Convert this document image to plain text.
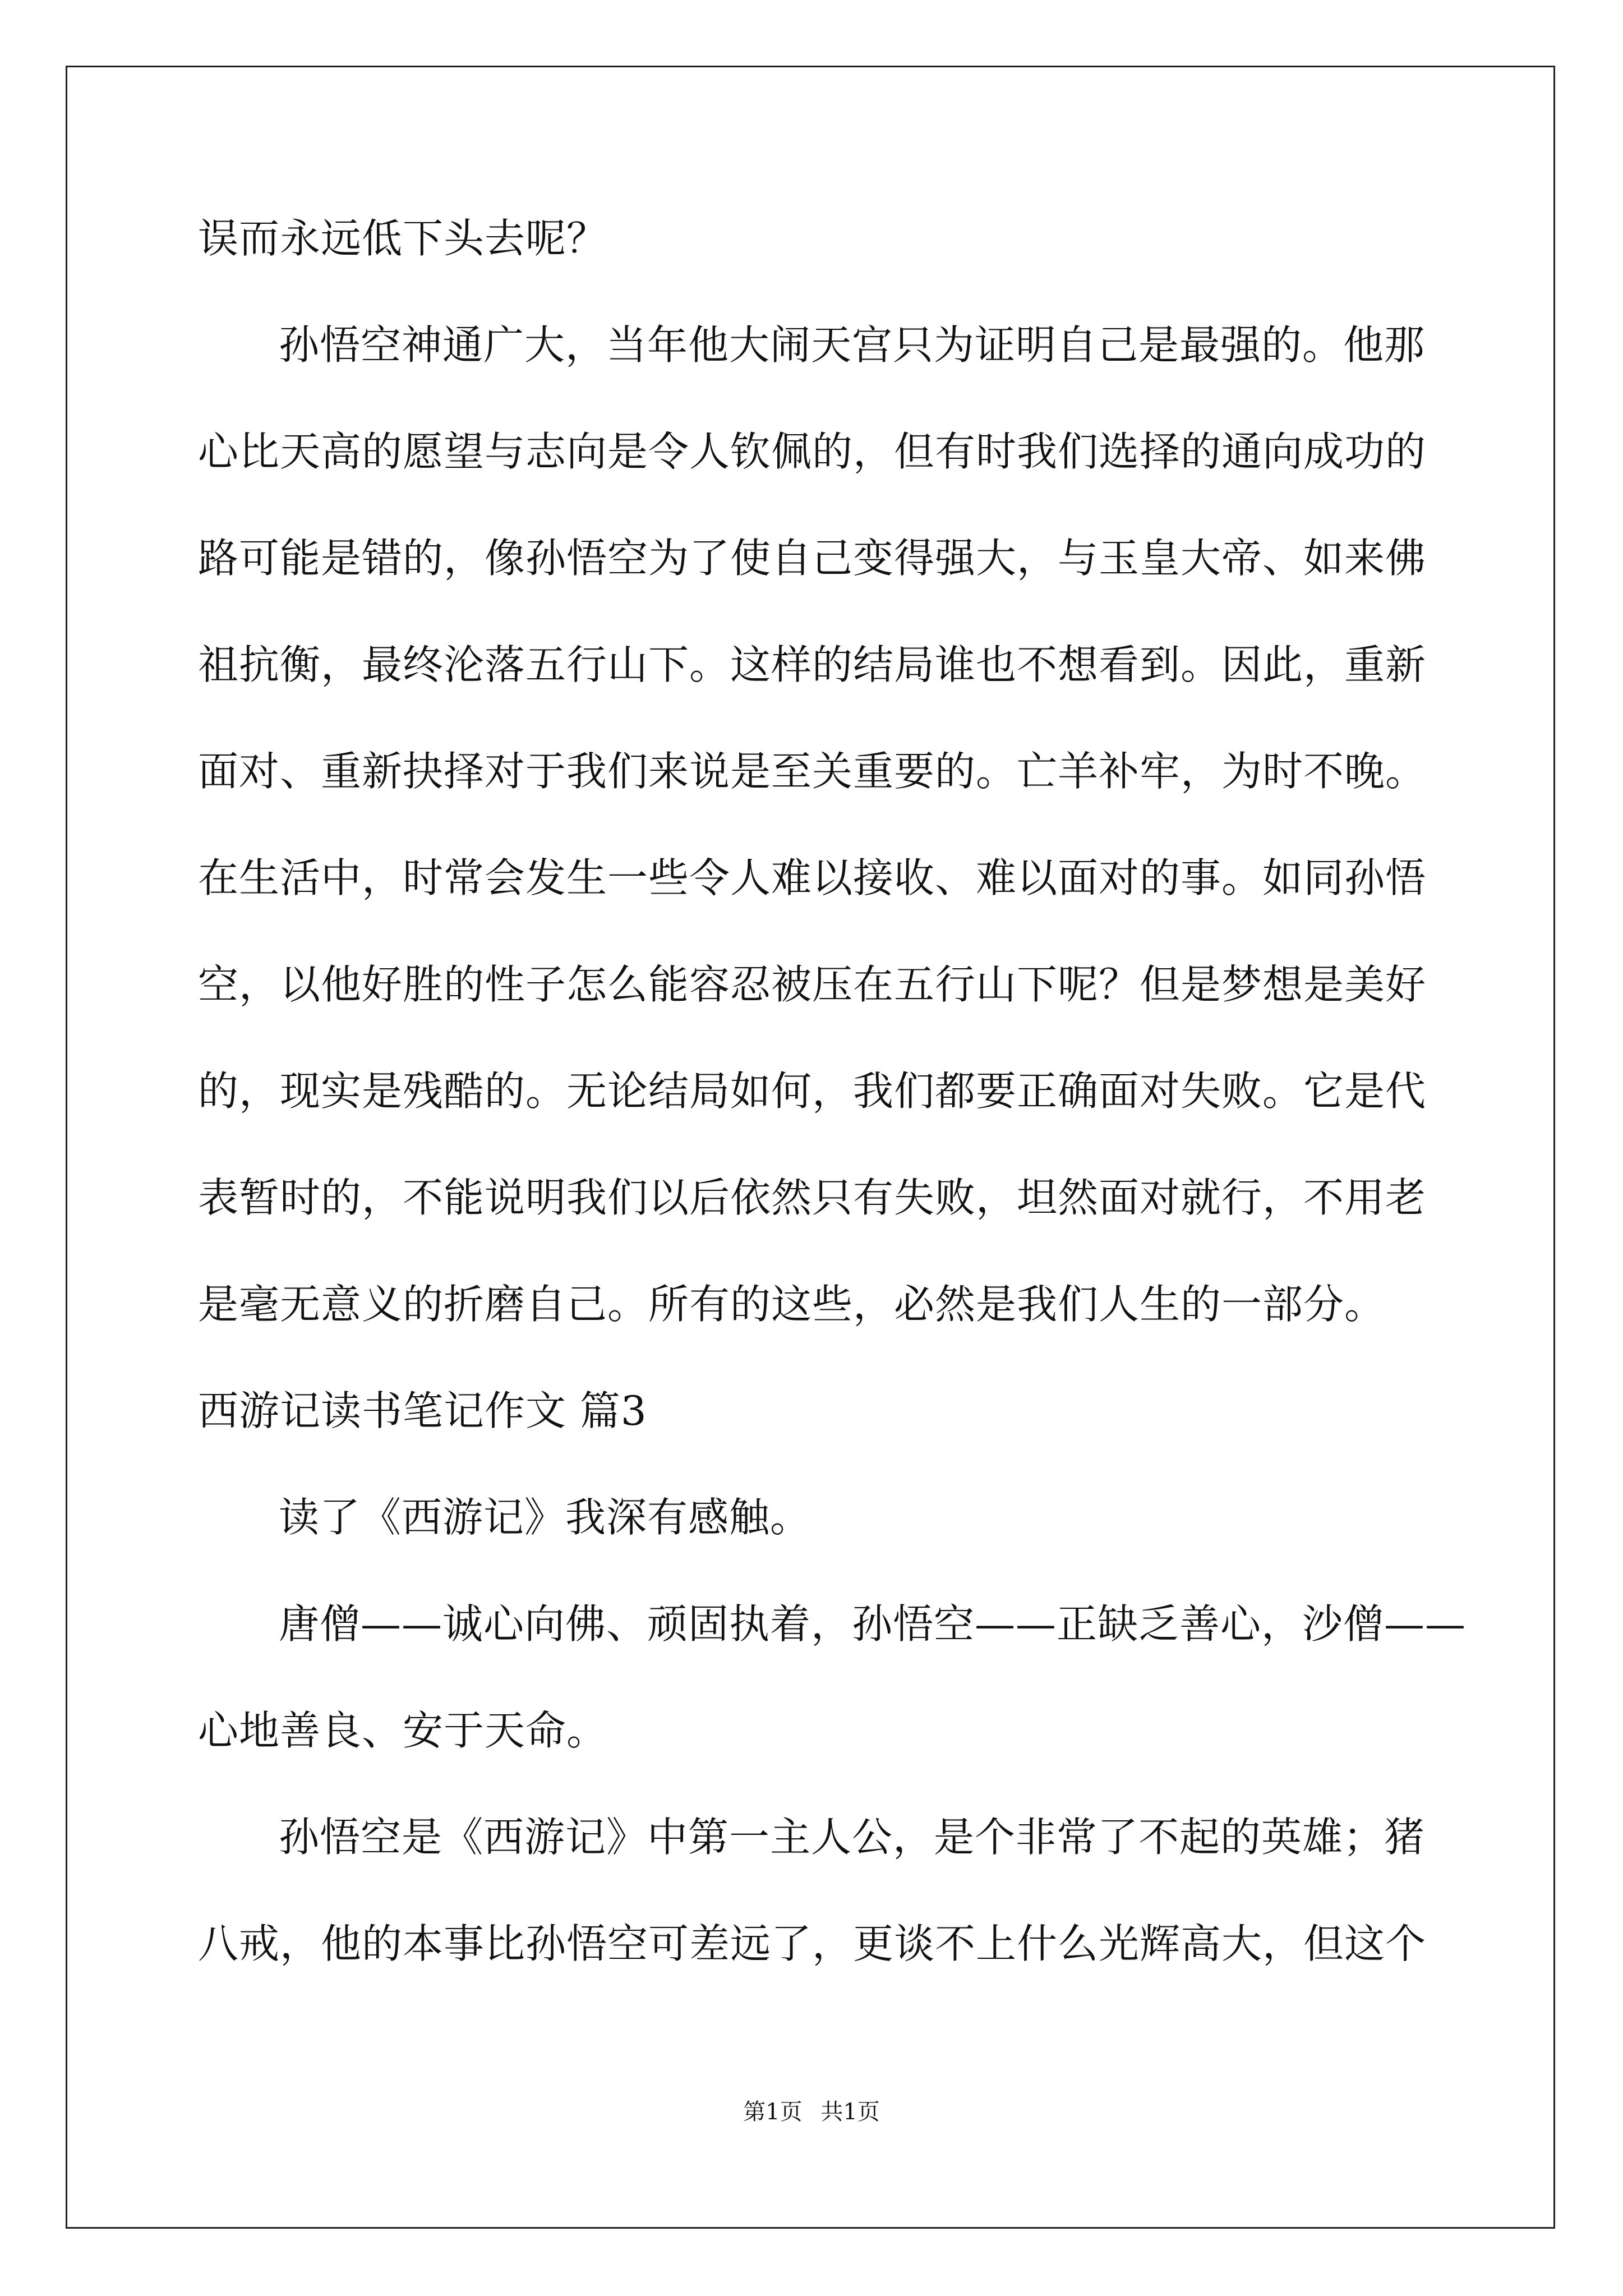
误而永远低下头去呢？
孙悟空神通广大，当年他大闹天宫只为证明自己是最强的。他那
心比天高的愿望与志向是令人钦佩的，但有时我们选择的通向成功的
路可能是错的，像孙悟空为了使自己变得强大，与玉皇大帝、如来佛
祖抗衡，最终沦落五行山下。这样的结局谁也不想看到。因此，重新
面对、重新抉择对于我们来说是至关重要的。亡羊补牢，为时不晚。
在生活中，时常会发生一些令人难以接收、难以面对的事。如同孙悟
空，以他好胜的性子怎么能容忍被压在五行山下呢？但是梦想是美好
的，现实是残酷的。无论结局如何，我们都要正确面对失败。它是代
表暂时的，不能说明我们以后依然只有失败，坦然面对就行，不用老
是毫无意义的折磨自己。所有的这些，必然是我们人生的一部分。
西游记读书笔记作文 篇3
读了《西游记》我深有感触。
唐僧——诚心向佛、顽固执着，孙悟空——正缺乏善心，沙僧——
心地善良、安于天命。
孙悟空是《西游记》中第一主人公，是个非常了不起的英雄；猪
八戒，他的本事比孙悟空可差远了，更谈不上什么光辉高大，但这个
第1页 共1页
